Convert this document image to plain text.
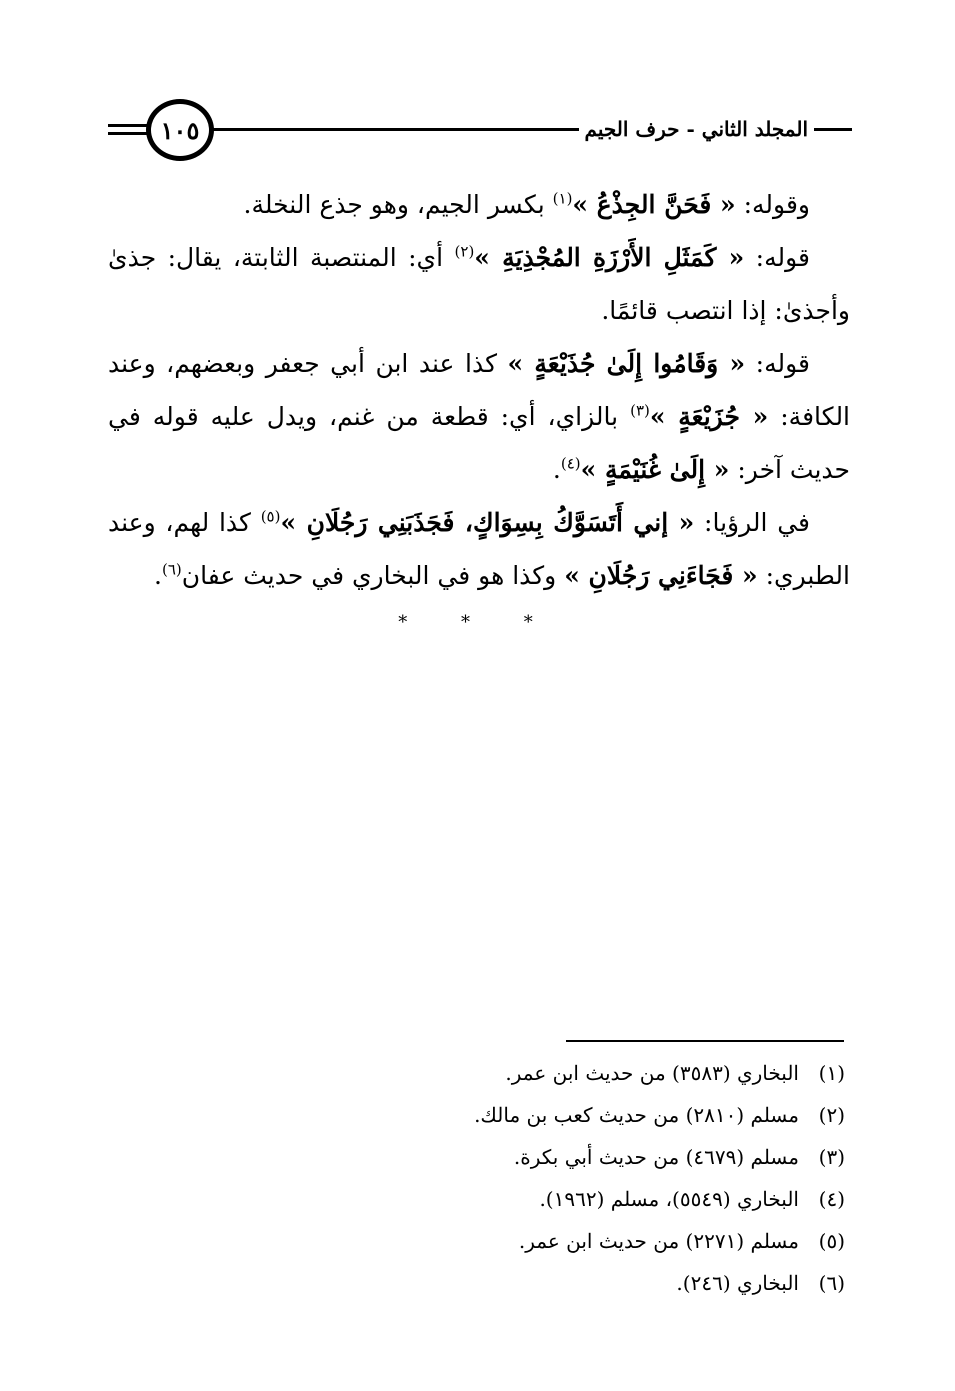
١٠٥	المجلد الثاني - حرف الجيم

وقوله: « فَحَنَّ الجِذْعُ »$^{(١)}$ بكسر الجيم، وهو جذع النخلة.

قوله: « كَمَثَلِ الأَرْزَةِ المُجْذِيَةِ »$^{(٢)}$ أي: المنتصبة الثابتة، يقال: جذىٰ وأجذىٰ: إذا انتصب قائمًا.

قوله: « وَقَامُوا إِلَىٰ جُذَيْعَةٍ » كذا عند ابن أبي جعفر وبعضهم، وعند الكافة: « جُزَيْعَةٍ »$^{(٣)}$ بالزاي، أي: قطعة من غنم، ويدل عليه قوله في حديث آخر: « إِلَىٰ غُنَيْمَةٍ »$^{(٤)}$.

في الرؤيا: « إني أَتَسَوَّكُ بِسِوَاكٍ، فَجَذَبَنِي رَجُلَانِ »$^{(٥)}$ كذا لهم، وعند الطبري: « فَجَاءَنِي رَجُلَانِ » وكذا هو في البخاري في حديث عفان$^{(٦)}$.

* * *
(١)البخاري (٣٥٨٣) من حديث ابن عمر.
(٢)مسلم (٢٨١٠) من حديث كعب بن مالك.
(٣)مسلم (٤٦٧٩) من حديث أبي بكرة.
(٤)البخاري (٥٥٤٩)، مسلم (١٩٦٢).
(٥)مسلم (٢٢٧١) من حديث ابن عمر.
(٦)البخاري (٢٤٦).
